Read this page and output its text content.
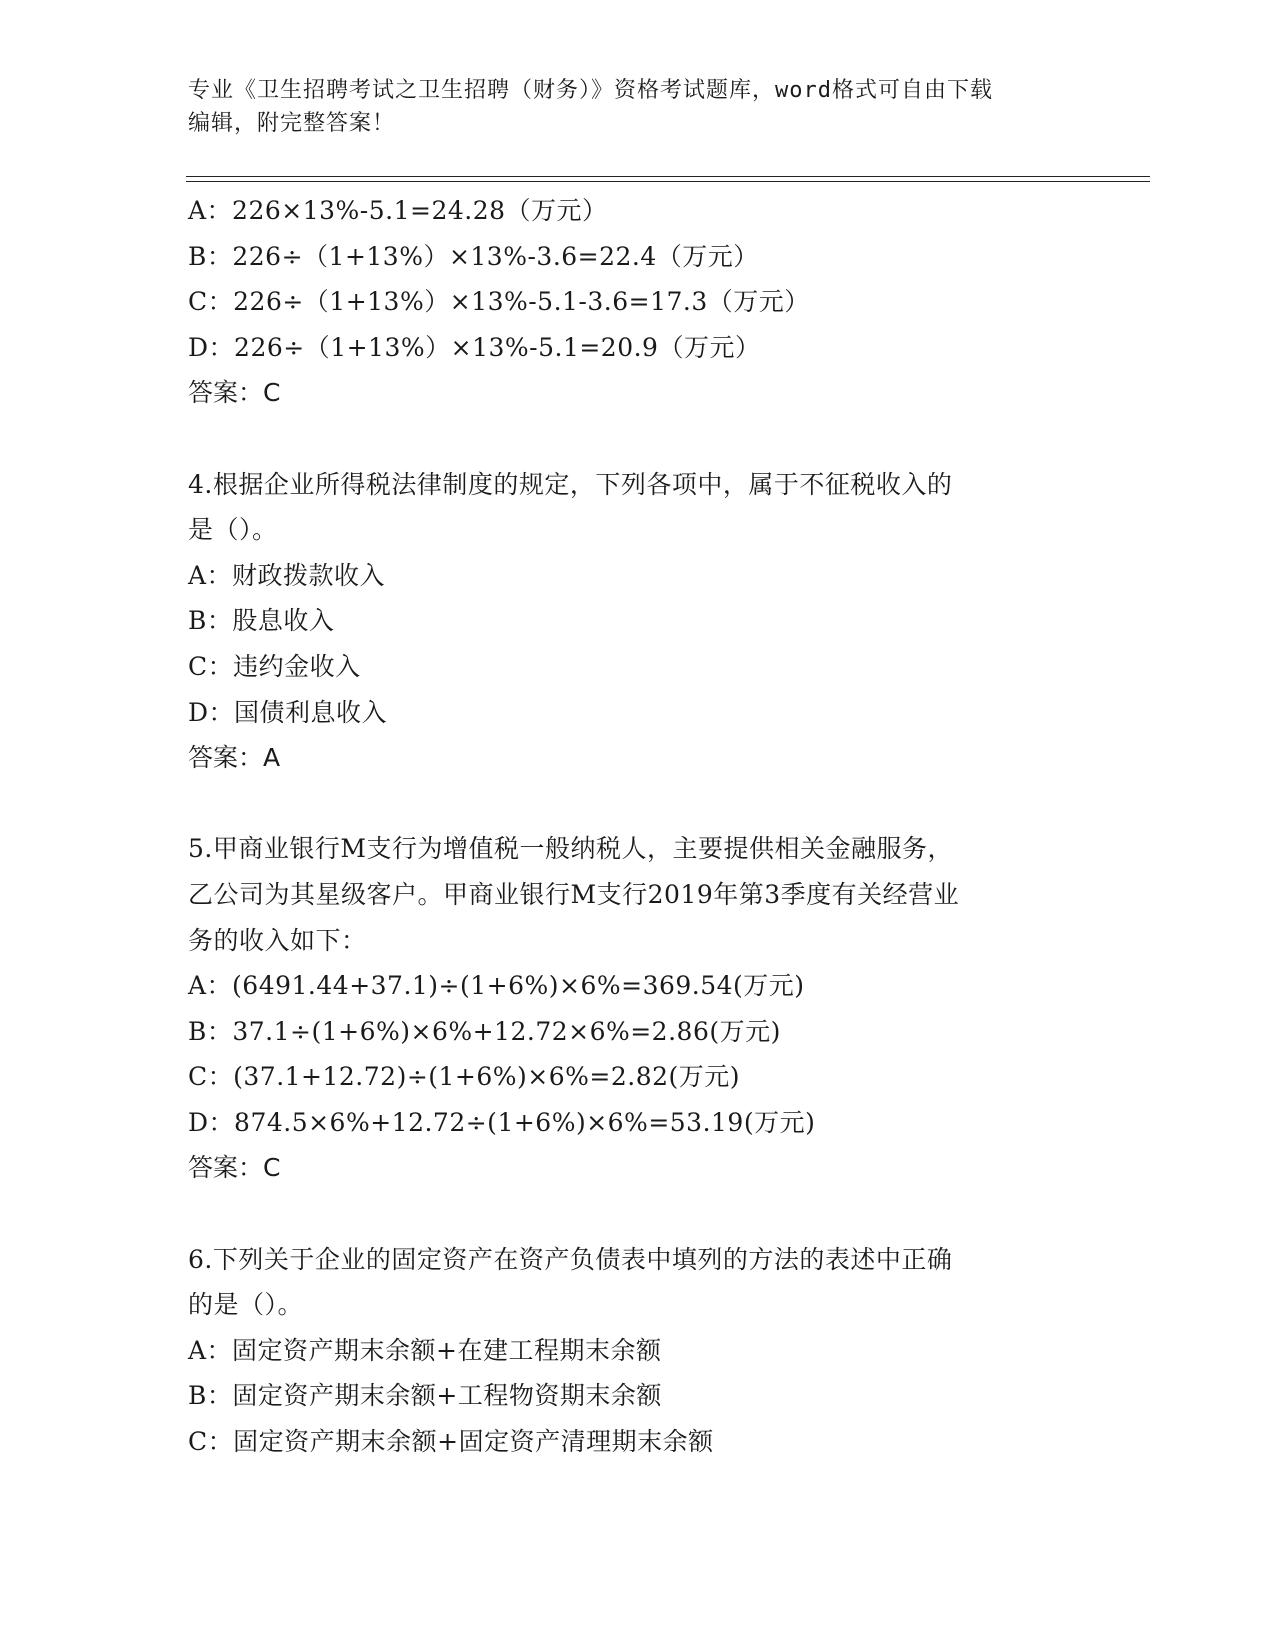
专业《卫生招聘考试之卫生招聘（财务）》资格考试题库，word格式可自由下载
编辑，附完整答案！
A：226×13%-5.1=24.28（万元）
B：226÷（1+13%）×13%-3.6=22.4（万元）
C：226÷（1+13%）×13%-5.1-3.6=17.3（万元）
D：226÷（1+13%）×13%-5.1=20.9（万元）
答案：C
4.根据企业所得税法律制度的规定，下列各项中，属于不征税收入的
是（）。
A：财政拨款收入
B：股息收入
C：违约金收入
D：国债利息收入
答案：A
5.甲商业银行M支行为增值税一般纳税人，主要提供相关金融服务，
乙公司为其星级客户。甲商业银行M支行2019年第3季度有关经营业
务的收入如下：
A：(6491.44+37.1)÷(1+6%)×6%=369.54(万元)
B：37.1÷(1+6%)×6%+12.72×6%=2.86(万元)
C：(37.1+12.72)÷(1+6%)×6%=2.82(万元)
D：874.5×6%+12.72÷(1+6%)×6%=53.19(万元)
答案：C
6.下列关于企业的固定资产在资产负债表中填列的方法的表述中正确
的是（）。
A：固定资产期末余额+在建工程期末余额
B：固定资产期末余额+工程物资期末余额
C：固定资产期末余额+固定资产清理期末余额
